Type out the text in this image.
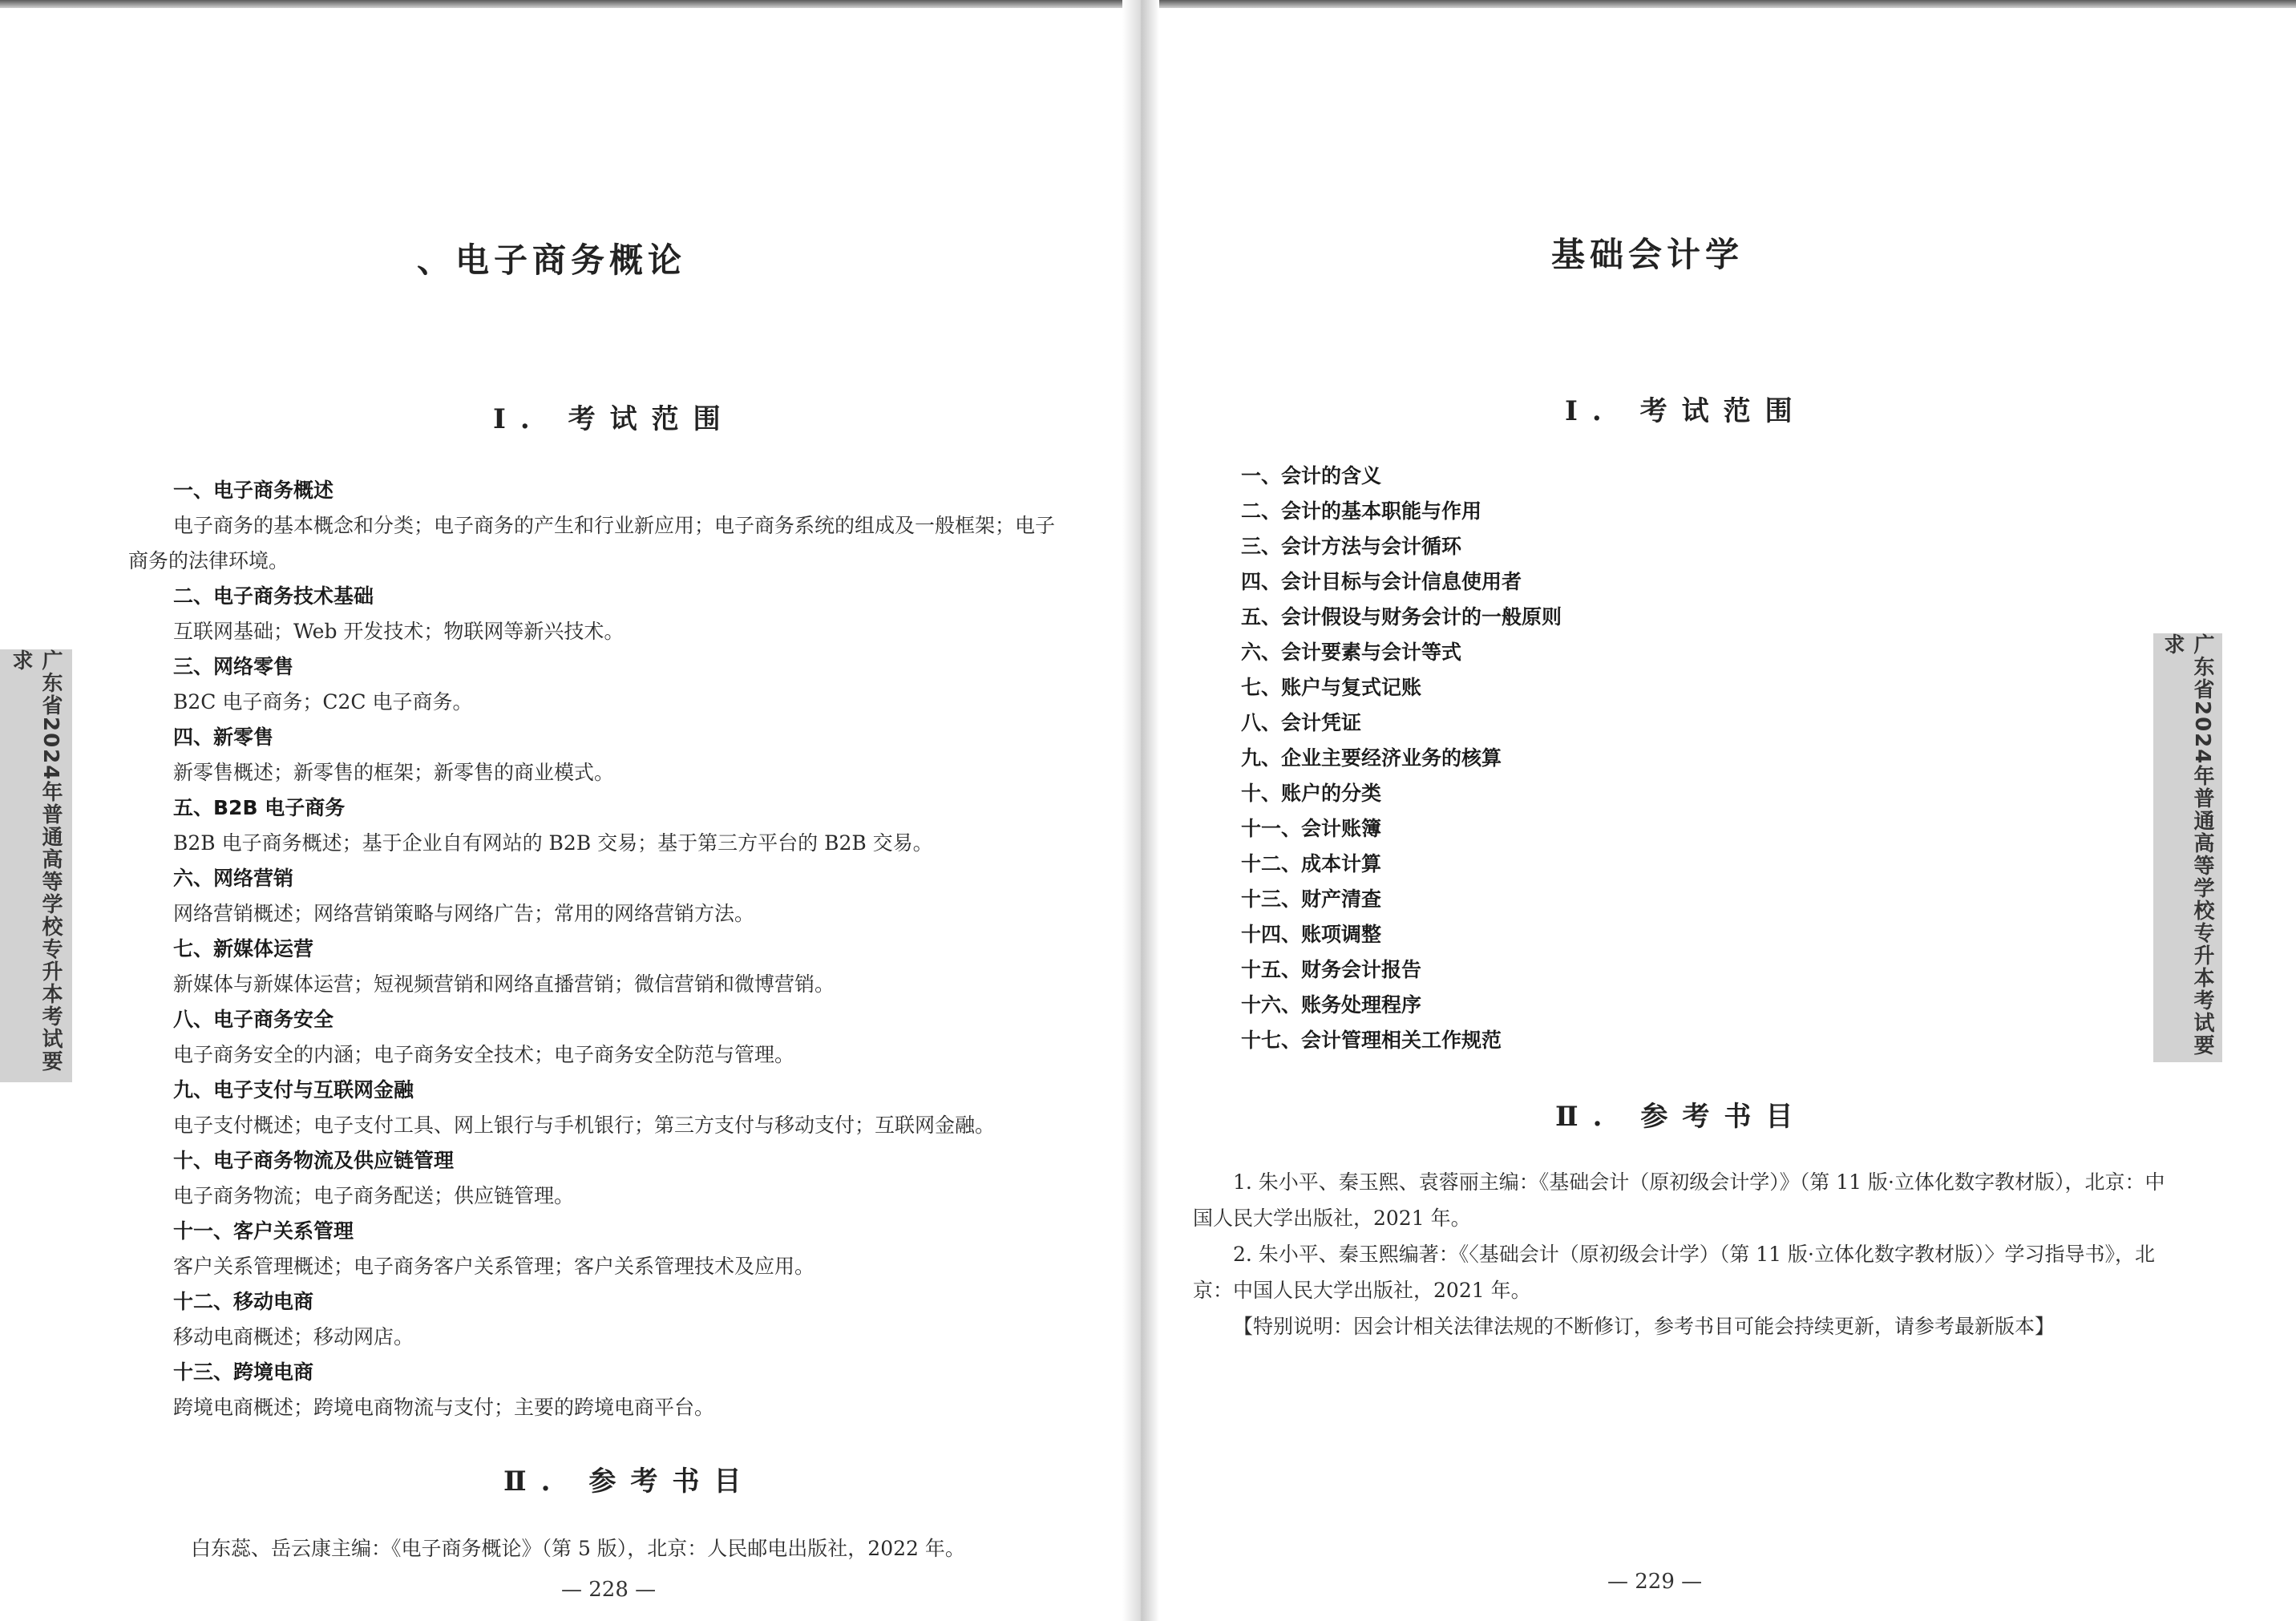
、电子商务概论
Ⅰ. 考试范围
广东省2024年普通高等学校专升本考试要求
一、电子商务概述
电子商务的基本概念和分类；电子商务的产生和行业新应用；电子商务系统的组成及一般框架；电子商务的法律环境。
二、电子商务技术基础
互联网基础；Web 开发技术；物联网等新兴技术。
三、网络零售
B2C 电子商务；C2C 电子商务。
四、新零售
新零售概述；新零售的框架；新零售的商业模式。
五、B2B 电子商务
B2B 电子商务概述；基于企业自有网站的 B2B 交易；基于第三方平台的 B2B 交易。
六、网络营销
网络营销概述；网络营销策略与网络广告；常用的网络营销方法。
七、新媒体运营
新媒体与新媒体运营；短视频营销和网络直播营销；微信营销和微博营销。
八、电子商务安全
电子商务安全的内涵；电子商务安全技术；电子商务安全防范与管理。
九、电子支付与互联网金融
电子支付概述；电子支付工具、网上银行与手机银行；第三方支付与移动支付；互联网金融。
十、电子商务物流及供应链管理
电子商务物流；电子商务配送；供应链管理。
十一、客户关系管理
客户关系管理概述；电子商务客户关系管理；客户关系管理技术及应用。
十二、移动电商
移动电商概述；移动网店。
十三、跨境电商
跨境电商概述；跨境电商物流与支付；主要的跨境电商平台。
Ⅱ. 参考书目
白东蕊、岳云康主编：《电子商务概论》（第 5 版），北京：人民邮电出版社，2022 年。
— 228 —
基础会计学
Ⅰ. 考试范围
一、会计的含义
二、会计的基本职能与作用
三、会计方法与会计循环
四、会计目标与会计信息使用者
五、会计假设与财务会计的一般原则
六、会计要素与会计等式
七、账户与复式记账
八、会计凭证
九、企业主要经济业务的核算
十、账户的分类
十一、会计账簿
十二、成本计算
十三、财产清查
十四、账项调整
十五、财务会计报告
十六、账务处理程序
十七、会计管理相关工作规范
Ⅱ. 参考书目
1. 朱小平、秦玉熙、袁蓉丽主编：《基础会计（原初级会计学）》（第 11 版·立体化数字教材版），北京：中国人民大学出版社，2021 年。
2. 朱小平、秦玉熙编著：《〈基础会计（原初级会计学）（第 11 版·立体化数字教材版）〉学习指导书》，北京：中国人民大学出版社，2021 年。
【特别说明：因会计相关法律法规的不断修订，参考书目可能会持续更新，请参考最新版本】
— 229 —
广东省2024年普通高等学校专升本考试要求
